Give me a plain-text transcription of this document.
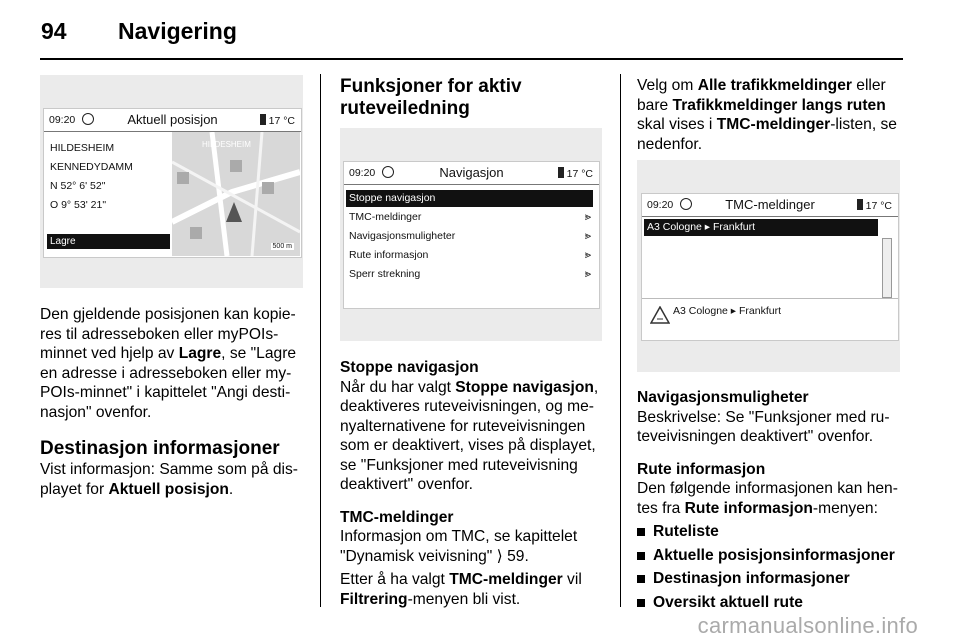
94 Navigering
09:20	Aktuell posisjon	17 °C
HILDESHEIM
KENNEDYDAMM
N 52° 6' 52"
O 9° 53' 21"
Lagre
HILDESHEIM
500 m

Den gjeldende posisjonen kan kopie-
res til adresseboken eller myPOIs-
minnet ved hjelp av Lagre, se "Lagre
en adresse i adresseboken eller my-
POIs-minnet" i kapittelet "Angi desti-
nasjon" ovenfor.

Destinasjon informasjoner

Vist informasjon: Samme som på dis-
playet for Aktuell posisjon.

Funksjoner for aktiv
ruteveiledning

09:20	Navigasjon	17 °C
Stoppe navigasjon
TMC-meldinger	⪢
Navigasjonsmuligheter	⪢
Rute informasjon	⪢
Sperr strekning	⪢

Stoppe navigasjon

Når du har valgt Stoppe navigasjon,
deaktiveres ruteveivisningen, og me-
nyalternativene for ruteveivisningen
som er deaktivert, vises på displayet,
se "Funksjoner med ruteveivisning
deaktivert" ovenfor.

TMC-meldinger

Informasjon om TMC, se kapittelet
"Dynamisk veivisning" ⟩ 59.

Etter å ha valgt TMC-meldinger vil
Filtrering-menyen bli vist.

Velg om Alle trafikkmeldinger eller
bare Trafikkmeldinger langs ruten
skal vises i TMC-meldinger-listen, se
nedenfor.

09:20	TMC-meldinger	17 °C
A3 Cologne ▸ Frankfurt
A3 Cologne ▸ Frankfurt

Navigasjonsmuligheter

Beskrivelse: Se "Funksjoner med ru-
teveivisningen deaktivert" ovenfor.

Rute informasjon

Den følgende informasjonen kan hen-
tes fra Rute informasjon-menyen:

Ruteliste

Aktuelle posisjonsinformasjoner

Destinasjon informasjoner

Oversikt aktuell rute

carmanualsonline.info
